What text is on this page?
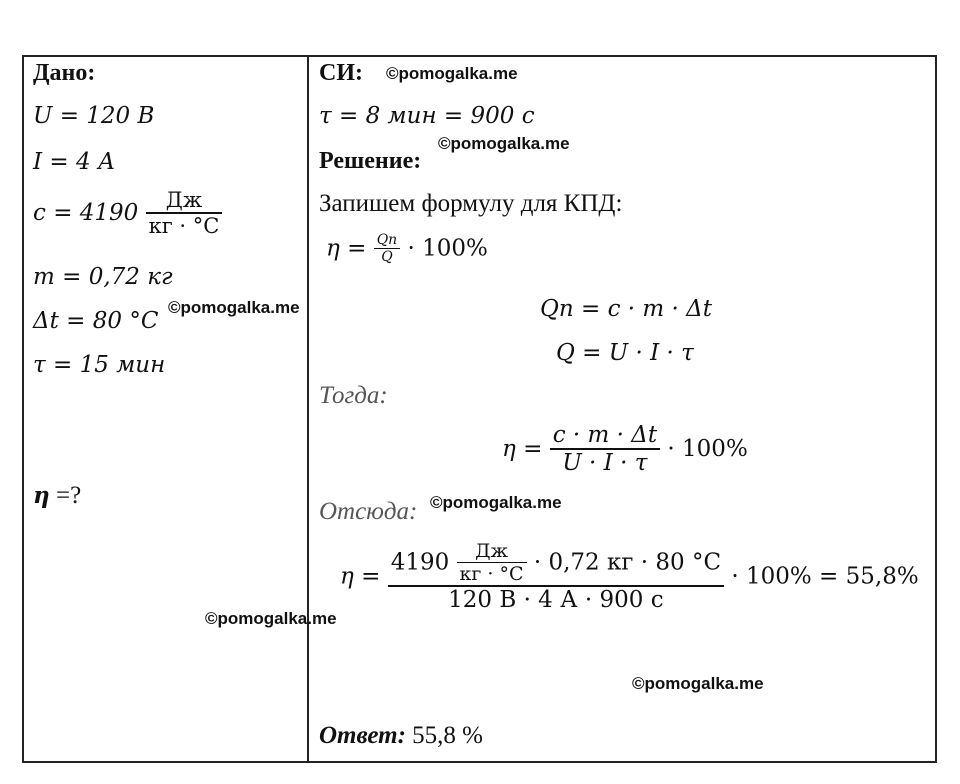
Дано:
U = 120 В
I = 4 А
$c = 4190 \frac{Дж}{кг \cdot ^\circ С}$
m = 0,72 кг
Δt = 80 °С
τ = 15 мин
η =?
СИ:
τ = 8 мин = 900 с
Решение:
Запишем формулу для КПД:
$\eta = \frac{Qп}{Q} \cdot 100\%$
Qп = c · m · Δt
Q = U · I · τ
Тогда:
$\eta = \frac{c \cdot m \cdot \Delta t}{U \cdot I \cdot \tau} \cdot 100\%$
Отсюда:
η =
$4190 \frac{Дж}{кг \cdot ^\circ С} \cdot 0,72$ кг · 80 °С
120 В · 4 А · 900 с
· 100% = 55,8%
Ответ: 55,8 %
©pomogalka.me
©pomogalka.me
©pomogalka.me
©pomogalka.me
©pomogalka.me
©pomogalka.me
